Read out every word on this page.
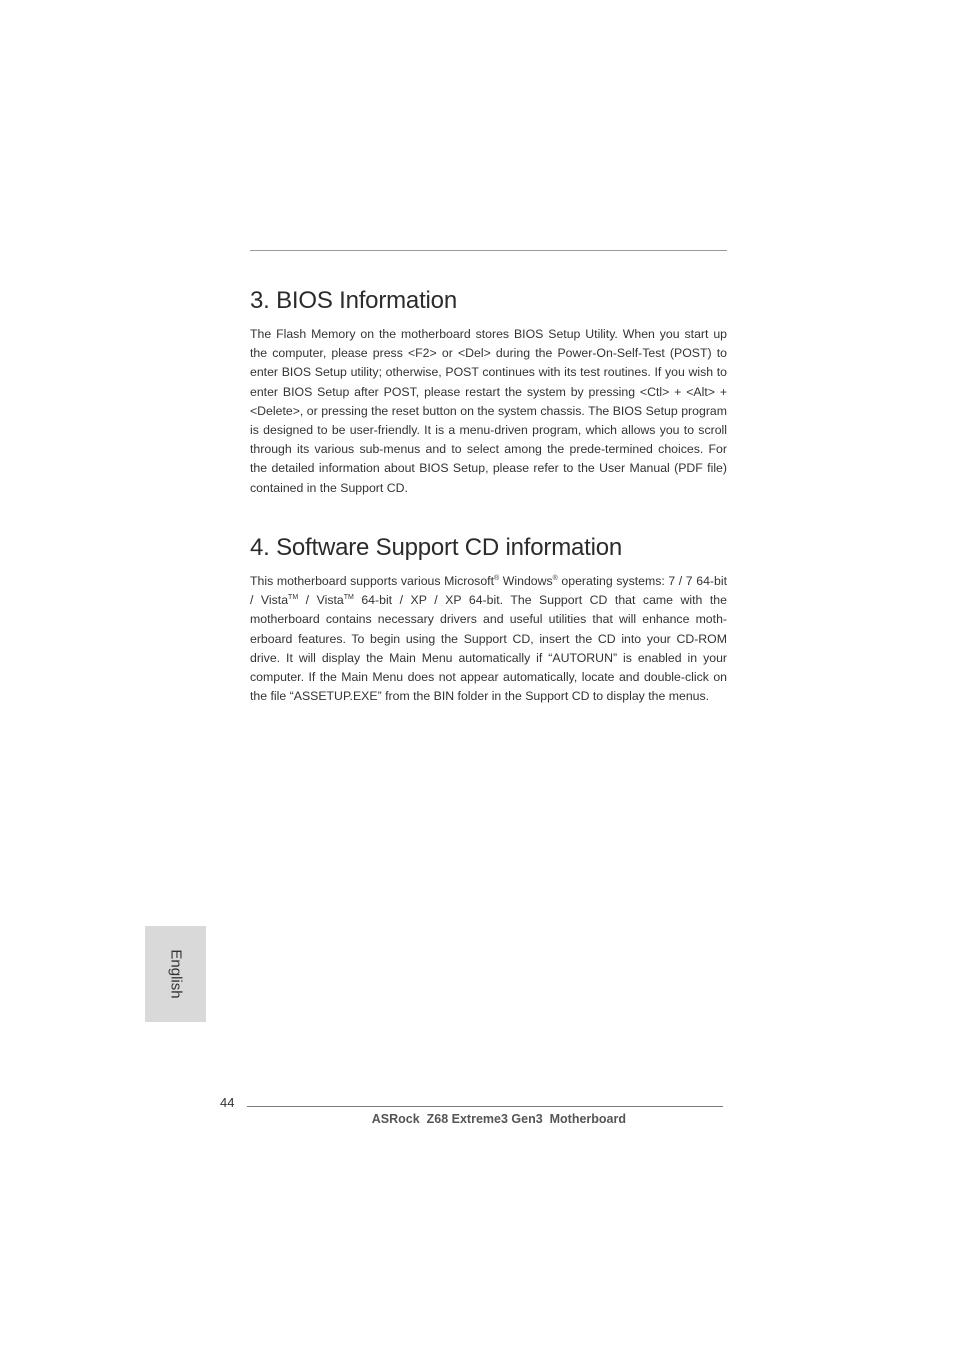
3. BIOS Information

The Flash Memory on the motherboard stores BIOS Setup Utility. When you start up the computer, please press <F2> or <Del> during the Power-On-Self-Test (POST) to enter BIOS Setup utility; otherwise, POST continues with its test routines. If you wish to enter BIOS Setup after POST, please restart the system by pressing <Ctl> + <Alt> + <Delete>, or pressing the reset button on the system chassis. The BIOS Setup program is designed to be user-friendly. It is a menu-driven program, which allows you to scroll through its various sub-menus and to select among the prede-termined choices. For the detailed information about BIOS Setup, please refer to the User Manual (PDF file) contained in the Support CD.

4. Software Support CD information

This motherboard supports various Microsoft® Windows® operating systems: 7 / 7 64-bit / Vista™ / Vista™ 64-bit / XP / XP 64-bit. The Support CD that came with the motherboard contains necessary drivers and useful utilities that will enhance moth-erboard features. To begin using the Support CD, insert the CD into your CD-ROM drive. It will display the Main Menu automatically if “AUTORUN” is enabled in your computer. If the Main Menu does not appear automatically, locate and double-click on the file “ASSETUP.EXE” from the BIN folder in the Support CD to display the menus.

English
44
ASRock  Z68 Extreme3 Gen3  Motherboard
